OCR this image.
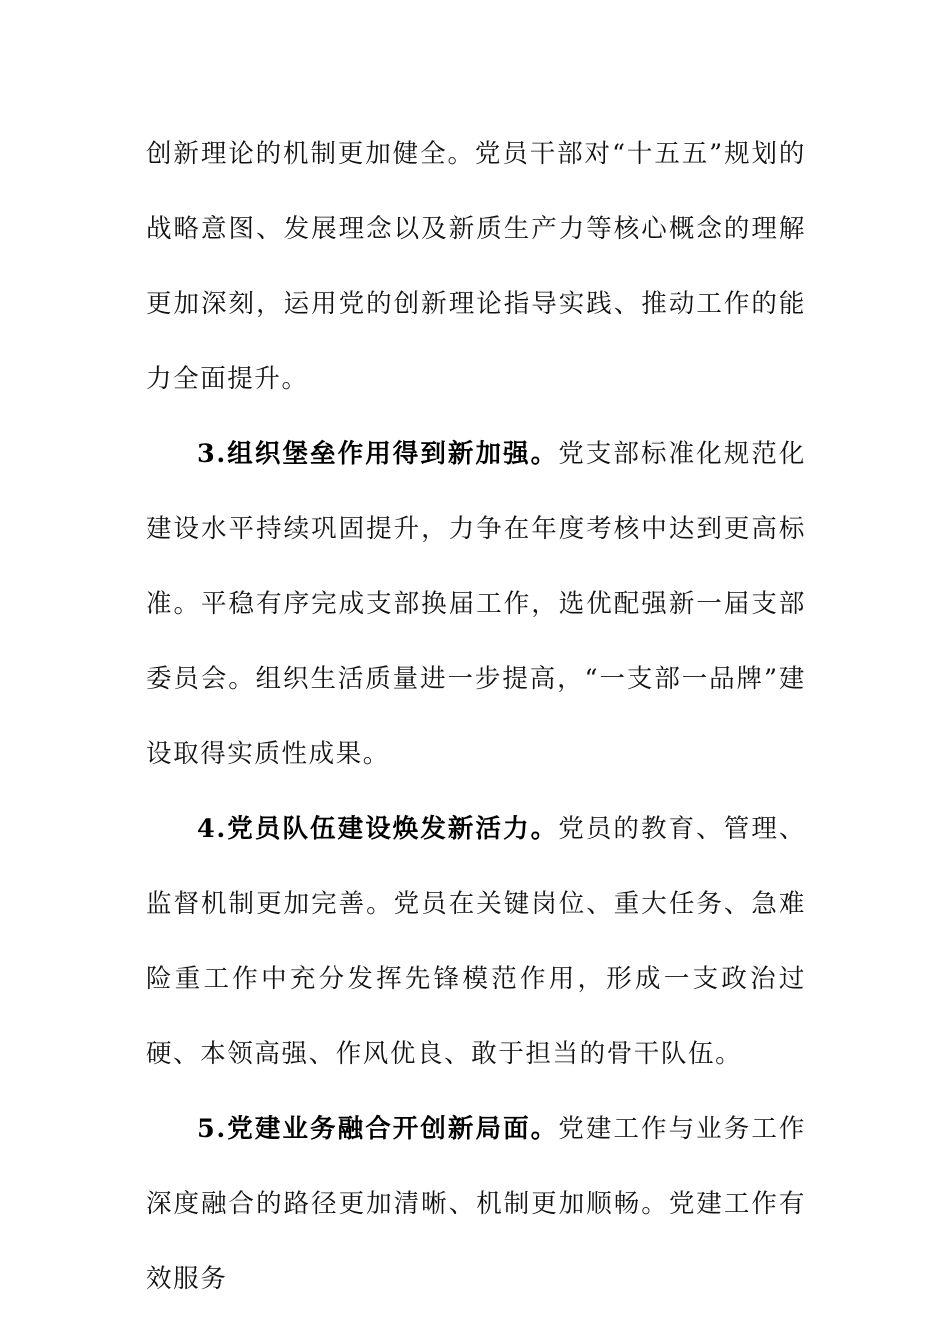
创新理论的机制更加健全。党员干部对“十五五”规划的战略意图、发展理念以及新质生产力等核心概念的理解更加深刻，运用党的创新理论指导实践、推动工作的能力全面提升。

3.组织堡垒作用得到新加强。党支部标准化规范化建设水平持续巩固提升，力争在年度考核中达到更高标准。平稳有序完成支部换届工作，选优配强新一届支部委员会。组织生活质量进一步提高，“一支部一品牌”建设取得实质性成果。

4.党员队伍建设焕发新活力。党员的教育、管理、监督机制更加完善。党员在关键岗位、重大任务、急难险重工作中充分发挥先锋模范作用，形成一支政治过硬、本领高强、作风优良、敢于担当的骨干队伍。

5.党建业务融合开创新局面。党建工作与业务工作深度融合的路径更加清晰、机制更加顺畅。党建工作有效服务
